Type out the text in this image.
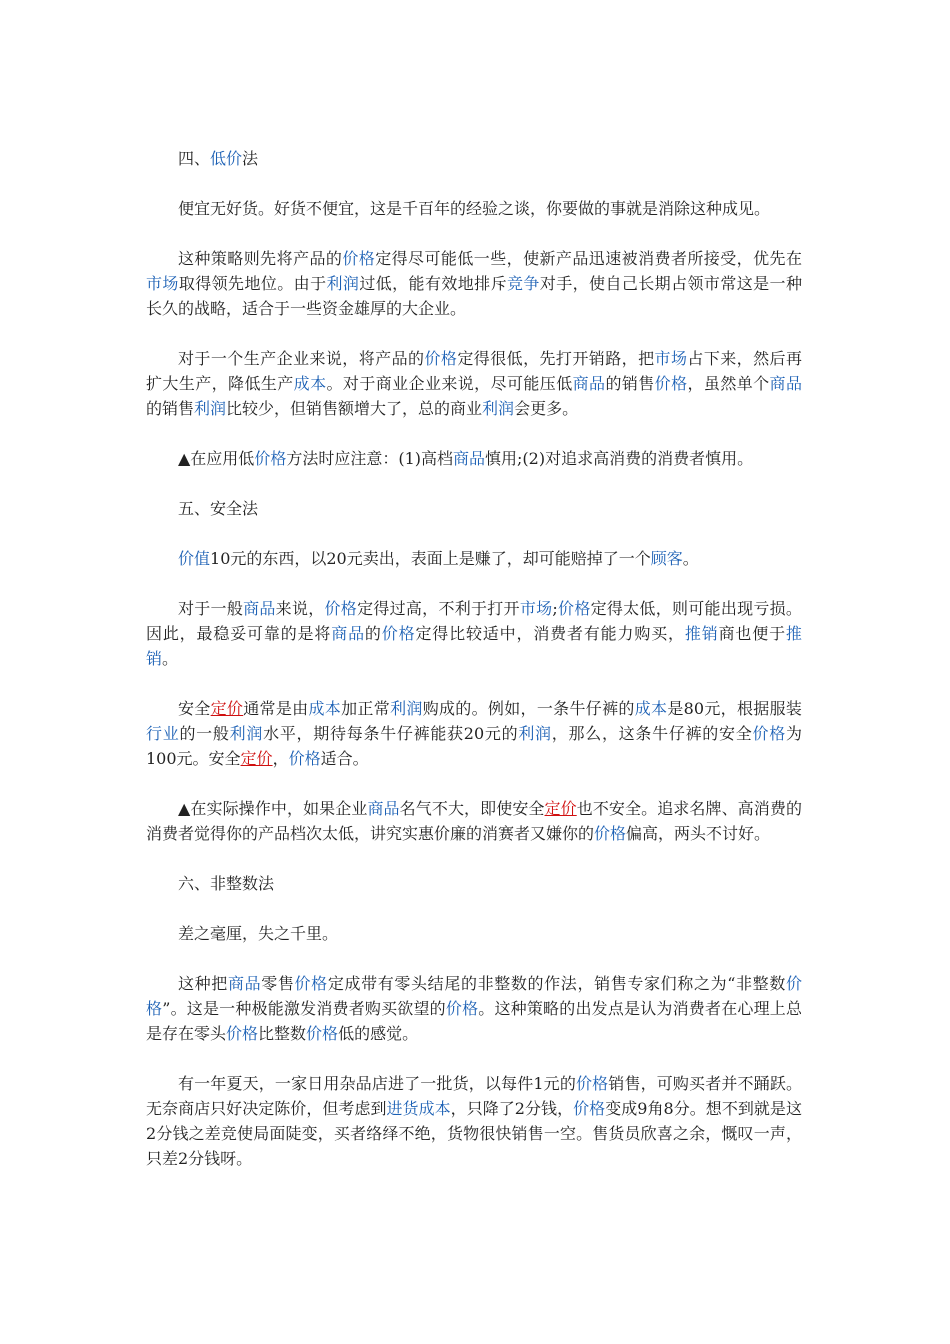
四、低价法

便宜无好货。好货不便宜，这是千百年的经验之谈，你要做的事就是消除这种成见。

这种策略则先将产品的价格定得尽可能低一些，使新产品迅速被消费者所接受，优先在市场取得领先地位。由于利润过低，能有效地排斥竞争对手，使自己长期占领市常这是一种长久的战略，适合于一些资金雄厚的大企业。

对于一个生产企业来说，将产品的价格定得很低，先打开销路，把市场占下来，然后再扩大生产，降低生产成本。对于商业企业来说，尽可能压低商品的销售价格，虽然单个商品的销售利润比较少，但销售额增大了，总的商业利润会更多。

▲在应用低价格方法时应注意：(1)高档商品慎用;(2)对追求高消费的消费者慎用。

五、安全法

价值10元的东西，以20元卖出，表面上是赚了，却可能赔掉了一个顾客。

对于一般商品来说，价格定得过高，不利于打开市场;价格定得太低，则可能出现亏损。因此，最稳妥可靠的是将商品的价格定得比较适中，消费者有能力购买，推销商也便于推销。

安全定价通常是由成本加正常利润购成的。例如，一条牛仔裤的成本是80元，根据服装行业的一般利润水平，期待每条牛仔裤能获20元的利润，那么，这条牛仔裤的安全价格为100元。安全定价，价格适合。

▲在实际操作中，如果企业商品名气不大，即使安全定价也不安全。追求名牌、高消费的消费者觉得你的产品档次太低，讲究实惠价廉的消赛者又嫌你的价格偏高，两头不讨好。

六、非整数法

差之毫厘，失之千里。

这种把商品零售价格定成带有零头结尾的非整数的作法，销售专家们称之为“非整数价格”。这是一种极能激发消费者购买欲望的价格。这种策略的出发点是认为消费者在心理上总是存在零头价格比整数价格低的感觉。

有一年夏天，一家日用杂品店进了一批货，以每件1元的价格销售，可购买者并不踊跃。无奈商店只好决定陈价，但考虑到进货成本，只降了2分钱，价格变成9角8分。想不到就是这 2分钱之差竞使局面陡变，买者络绎不绝，货物很快销售一空。售货员欣喜之余，慨叹一声，只差2分钱呀。
